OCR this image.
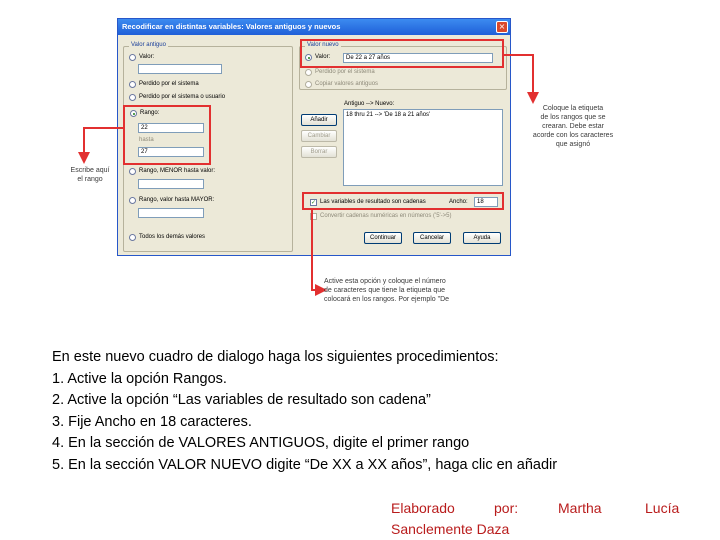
Recodificar en distintas variables: Valores antiguos y nuevos	×
Valor antiguo
Valor:
Perdido por el sistema
Perdido por el sistema o usuario
Rango:
22
hasta
27
Rango, MENOR hasta valor:
Rango, valor hasta MAYOR:
Todos los demás valores
Valor nuevo
Valor:	De 22 a 27 años
Perdido por el sistema
Copiar valores antiguos
Antiguo --> Nuevo:
18 thru 21 --> 'De 18 a 21 años'
Añadir
Cambiar
Borrar
✓ Las variables de resultado son cadenas	Ancho:	18
Convertir cadenas numéricas en números ('5'->5)
Continuar	Cancelar	Ayuda
Escribe aquí
el rango
Coloque la etiqueta
de los rangos que se
crearan. Debe estar
acorde con los caracteres
que asignó
Active esta opción y coloque el número
de caracteres que tiene la etiqueta que
colocará en los rangos. Por ejemplo "De
En este nuevo cuadro de dialogo haga los siguientes procedimientos:
1. Active la opción Rangos.
2. Active la opción “Las variables de resultado son cadena”
3. Fije Ancho en 18 caracteres.
4. En la sección de VALORES ANTIGUOS, digite el primer rango
5. En la sección VALOR NUEVO digite “De XX a XX años”, haga clic en añadir
Elaborado	por:	Martha	Lucía
Sanclemente Daza
